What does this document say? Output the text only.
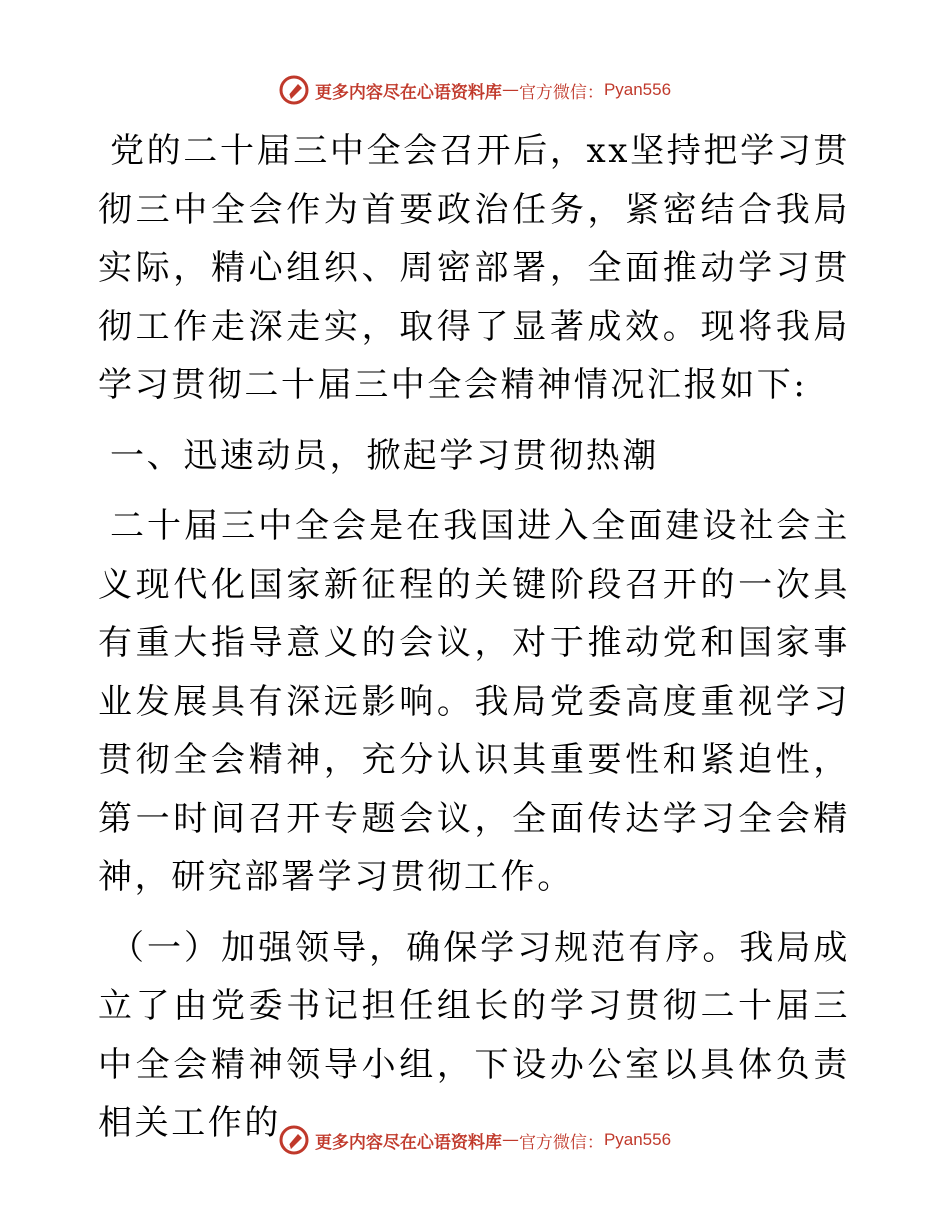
更多内容尽在心语资料库 — 官方微信： Pyan556

党的二十届三中全会召开后，xx坚持把学习贯彻三中全会作为首要政治任务，紧密结合我局实际，精心组织、周密部署，全面推动学习贯彻工作走深走实，取得了显著成效。现将我局学习贯彻二十届三中全会精神情况汇报如下:

一、迅速动员，掀起学习贯彻热潮

二十届三中全会是在我国进入全面建设社会主义现代化国家新征程的关键阶段召开的一次具有重大指导意义的会议，对于推动党和国家事业发展具有深远影响。我局党委高度重视学习贯彻全会精神，充分认识其重要性和紧迫性，第一时间召开专题会议，全面传达学习全会精神，研究部署学习贯彻工作。

（一）加强领导，确保学习规范有序。我局成立了由党委书记担任组长的学习贯彻二十届三中全会精神领导小组，下设办公室以具体负责相关工作的	更多内容尽在心语资料库 — 官方微信： Pyan556
